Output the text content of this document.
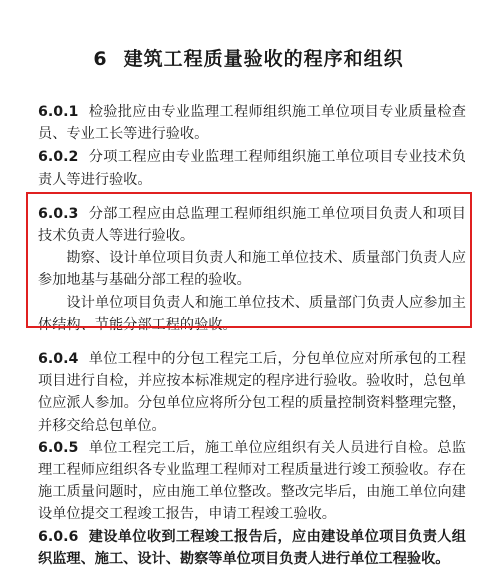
6 建筑工程质量验收的程序和组织

6.0.1 检验批应由专业监理工程师组织施工单位项目专业质量检查员、专业工长等进行验收。

6.0.2 分项工程应由专业监理工程师组织施工单位项目专业技术负责人等进行验收。

6.0.3 分部工程应由总监理工程师组织施工单位项目负责人和项目技术负责人等进行验收。

勘察、设计单位项目负责人和施工单位技术、质量部门负责人应参加地基与基础分部工程的验收。

设计单位项目负责人和施工单位技术、质量部门负责人应参加主体结构、节能分部工程的验收。

6.0.4 单位工程中的分包工程完工后，分包单位应对所承包的工程项目进行自检，并应按本标准规定的程序进行验收。验收时，总包单位应派人参加。分包单位应将所分包工程的质量控制资料整理完整，并移交给总包单位。

6.0.5 单位工程完工后，施工单位应组织有关人员进行自检。总监理工程师应组织各专业监理工程师对工程质量进行竣工预验收。存在施工质量问题时，应由施工单位整改。整改完毕后，由施工单位向建设单位提交工程竣工报告，申请工程竣工验收。

6.0.6 建设单位收到工程竣工报告后，应由建设单位项目负责人组织监理、施工、设计、勘察等单位项目负责人进行单位工程验收。
